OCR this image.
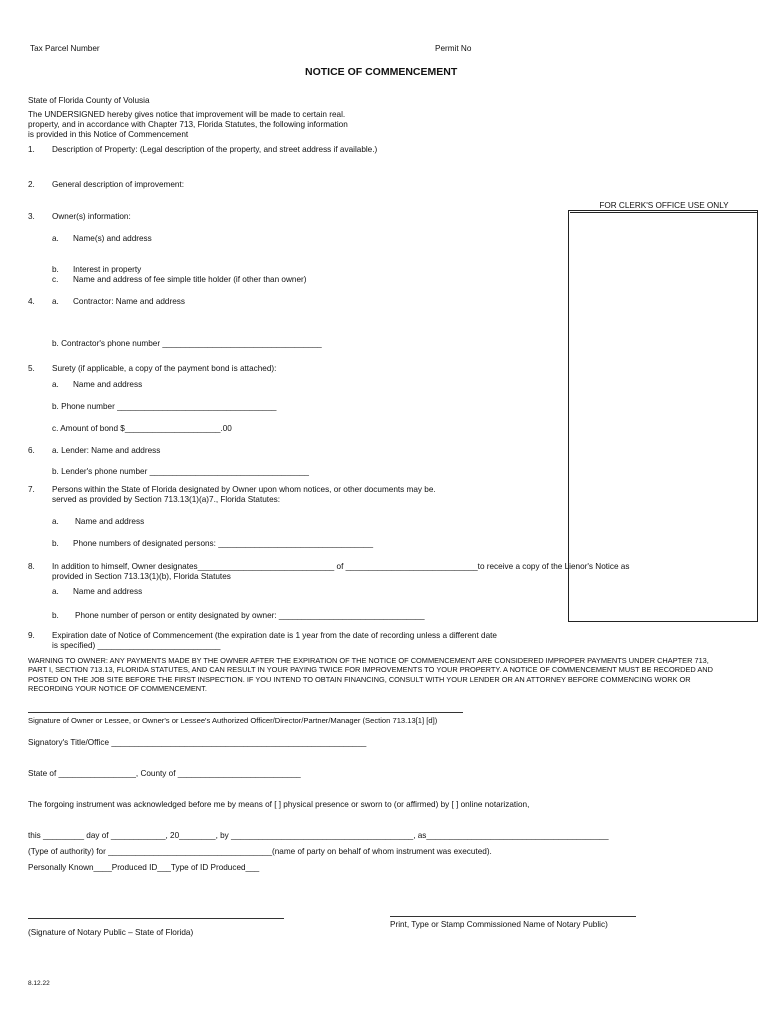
Tax Parcel Number	Permit No
NOTICE OF COMMENCEMENT
State of Florida County of Volusia
The UNDERSIGNED hereby gives notice that improvement will be made to certain real.
property, and in accordance with Chapter 713, Florida Statutes, the following information
is provided in this Notice of Commencement
FOR CLERK'S OFFICE USE ONLY
1. Description of Property: (Legal description of the property, and street address if available.)
2. General description of improvement:
3. Owner(s) information:
a. Name(s) and address
b. Interest in property
c. Name and address of fee simple title holder (if other than owner)
4. a. Contractor: Name and address
b. Contractor's phone number ___________________________________
5. Surety (if applicable, a copy of the payment bond is attached):
a. Name and address
b. Phone number ___________________________________
c. Amount of bond $_____________________.00
6. a. Lender: Name and address
b. Lender's phone number ___________________________________
7. Persons within the State of Florida designated by Owner upon whom notices, or other documents may be.
served as provided by Section 713.13(1)(a)7., Florida Statutes:
a. Name and address
b. Phone numbers of designated persons: __________________________________
8. In addition to himself, Owner designates______________________________ of _____________________________to receive a copy of the Lienor's Notice as
provided in Section 713.13(1)(b), Florida Statutes
a. Name and address
b. Phone number of person or entity designated by owner: ________________________________
9. Expiration date of Notice of Commencement (the expiration date is 1 year from the date of recording unless a different date
is specified) ___________________________
WARNING TO OWNER: ANY PAYMENTS MADE BY THE OWNER AFTER THE EXPIRATION OF THE NOTICE OF COMMENCEMENT ARE CONSIDERED IMPROPER PAYMENTS UNDER CHAPTER 713, PART I, SECTION 713.13, FLORIDA STATUTES, AND CAN RESULT IN YOUR PAYING TWICE FOR IMPROVEMENTS TO YOUR PROPERTY. A NOTICE OF COMMENCEMENT MUST BE RECORDED AND POSTED ON THE JOB SITE BEFORE THE FIRST INSPECTION. IF YOU INTEND TO OBTAIN FINANCING, CONSULT WITH YOUR LENDER OR AN ATTORNEY BEFORE COMMENCING WORK OR RECORDING YOUR NOTICE OF COMMENCEMENT.
Signature of Owner or Lessee, or Owner's or Lessee's Authorized Officer/Director/Partner/Manager (Section 713.13[1] [d])
Signatory's Title/Office ________________________________________________________
State of _________________, County of ___________________________
The forgoing instrument was acknowledged before me by means of [ ] physical presence or sworn to (or affirmed) by [ ] online notarization,
this _________ day of ____________, 20________, by ________________________________________, as________________________________________
(Type of authority) for ____________________________________(name of party on behalf of whom instrument was executed).
Personally Known____Produced ID___Type of ID Produced___
Print, Type or Stamp Commissioned Name of Notary Public)
(Signature of Notary Public – State of Florida)
8.12.22
